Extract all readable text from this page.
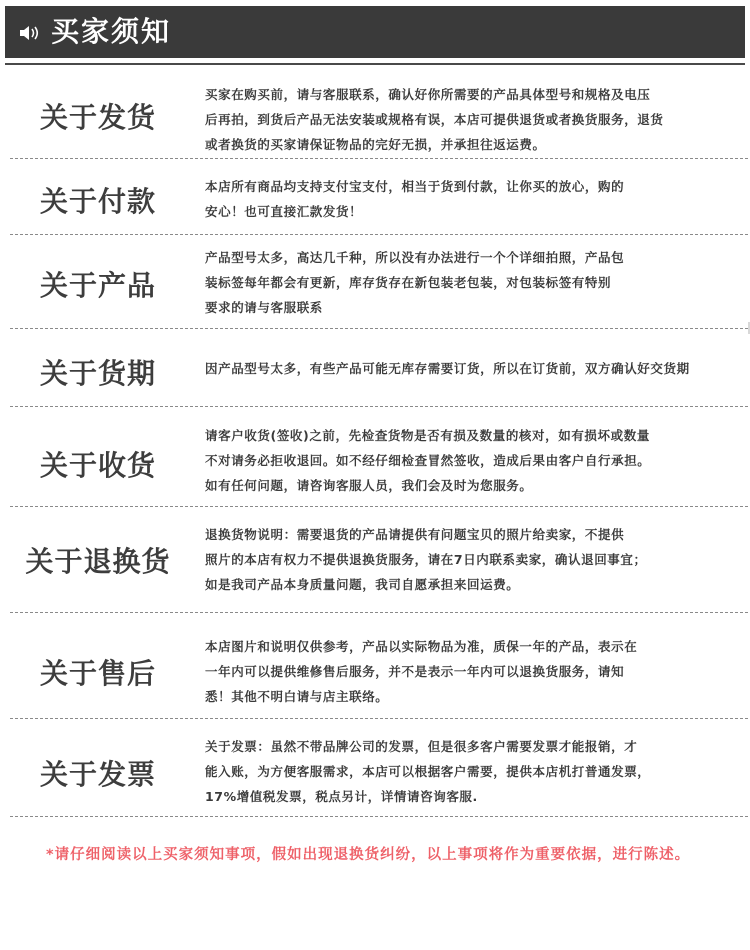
买家须知
关于发货
买家在购买前，请与客服联系，确认好你所需要的产品具体型号和规格及电压
后再拍，到货后产品无法安装或规格有误，本店可提供退货或者换货服务，退货
或者换货的买家请保证物品的完好无损，并承担往返运费。
关于付款	本店所有商品均支持支付宝支付，相当于货到付款，让你买的放心，购的
安心！也可直接汇款发货！
关于产品
产品型号太多，高达几千种，所以没有办法进行一个个详细拍照，产品包
装标签每年都会有更新，库存货存在新包装老包装，对包装标签有特别
要求的请与客服联系
关于货期	因产品型号太多，有些产品可能无库存需要订货，所以在订货前，双方确认好交货期
关于收货
请客户收货(签收)之前，先检查货物是否有损及数量的核对，如有损坏或数量
不对请务必拒收退回。如不经仔细检查冒然签收，造成后果由客户自行承担。
如有任何问题，请咨询客服人员，我们会及时为您服务。
关于退换货
退换货物说明：需要退货的产品请提供有问题宝贝的照片给卖家，不提供
照片的本店有权力不提供退换货服务，请在7日内联系卖家，确认退回事宜；
如是我司产品本身质量问题，我司自愿承担来回运费。
关于售后
本店图片和说明仅供参考，产品以实际物品为准，质保一年的产品，表示在
一年内可以提供维修售后服务，并不是表示一年内可以退换货服务，请知
悉！其他不明白请与店主联络。
关于发票
关于发票：虽然不带品牌公司的发票，但是很多客户需要发票才能报销，才
能入账，为方便客服需求，本店可以根据客户需要，提供本店机打普通发票，
17%增值税发票，税点另计，详情请咨询客服.
*请仔细阅读以上买家须知事项，假如出现退换货纠纷，以上事项将作为重要依据，进行陈述。
